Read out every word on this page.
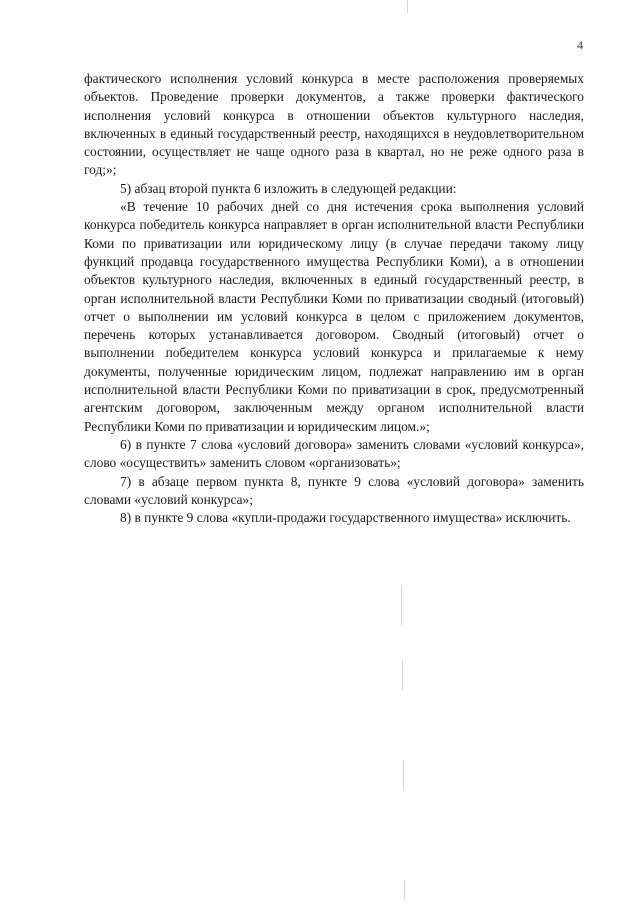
4

фактического исполнения условий конкурса в месте расположения проверяемых объектов. Проведение проверки документов, а также проверки фактического исполнения условий конкурса в отношении объектов культурного наследия, включенных в единый государственный реестр, находящихся в неудовлетворительном состоянии, осуществляет не чаще одного раза в квартал, но не реже одного раза в год;»;

5) абзац второй пункта 6 изложить в следующей редакции:

«В течение 10 рабочих дней со дня истечения срока выполнения условий конкурса победитель конкурса направляет в орган исполнительной власти Республики Коми по приватизации или юридическому лицу (в случае передачи такому лицу функций продавца государственного имущества Республики Коми), а в отношении объектов культурного наследия, включенных в единый государственный реестр, в орган исполнительной власти Республики Коми по приватизации сводный (итоговый) отчет о выполнении им условий конкурса в целом с приложением документов, перечень которых устанавливается договором. Сводный (итоговый) отчет о выполнении победителем конкурса условий конкурса и прилагаемые к нему документы, полученные юридическим лицом, подлежат направлению им в орган исполнительной власти Республики Коми по приватизации в срок, предусмотренный агентским договором, заключенным между органом исполнительной власти Республики Коми по приватизации и юридическим лицом.»;

6) в пункте 7 слова «условий договора» заменить словами «условий конкурса», слово «осуществить» заменить словом «организовать»;

7) в абзаце первом пункта 8, пункте 9 слова «условий договора» заменить словами «условий конкурса»;

8) в пункте 9 слова «купли-продажи государственного имущества» исключить.
